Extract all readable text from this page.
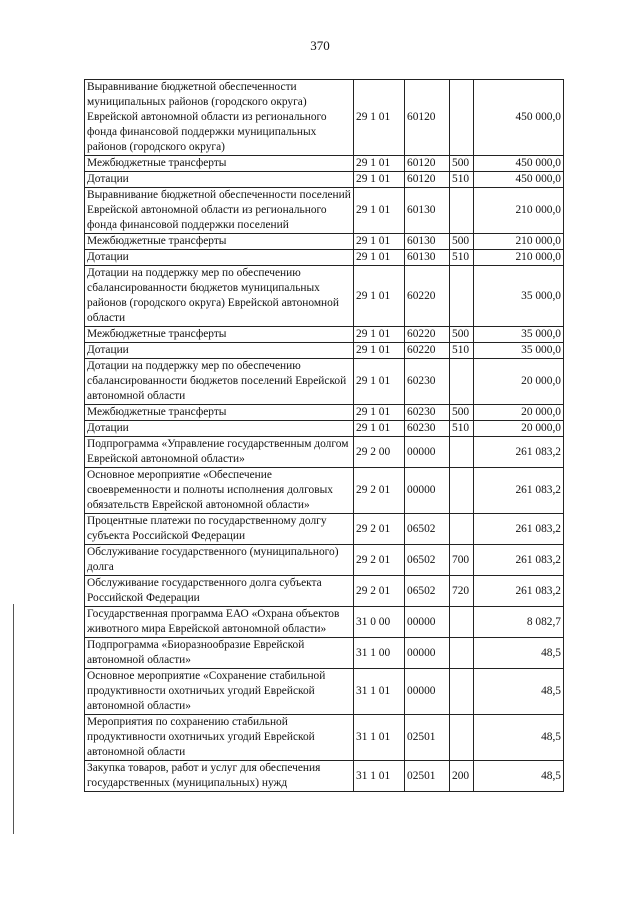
370
Выравнивание бюджетной обеспеченности муниципальных районов (городского округа) Еврейской автономной области из регионального фонда финансовой поддержки муниципальных районов (городского округа)	29 1 01	60120		450 000,0
Межбюджетные трансферты	29 1 01	60120	500	450 000,0
Дотации	29 1 01	60120	510	450 000,0
Выравнивание бюджетной обеспеченности поселений Еврейской автономной области из регионального фонда финансовой поддержки поселений	29 1 01	60130		210 000,0
Межбюджетные трансферты	29 1 01	60130	500	210 000,0
Дотации	29 1 01	60130	510	210 000,0
Дотации на поддержку мер по обеспечению сбалансированности бюджетов муниципальных районов (городского округа) Еврейской автономной области	29 1 01	60220		35 000,0
Межбюджетные трансферты	29 1 01	60220	500	35 000,0
Дотации	29 1 01	60220	510	35 000,0
Дотации на поддержку мер по обеспечению сбалансированности бюджетов поселений Еврейской автономной области	29 1 01	60230		20 000,0
Межбюджетные трансферты	29 1 01	60230	500	20 000,0
Дотации	29 1 01	60230	510	20 000,0
Подпрограмма «Управление государственным долгом Еврейской автономной области»	29 2 00	00000		261 083,2
Основное мероприятие «Обеспечение своевременности и полноты исполнения долговых обязательств Еврейской автономной области»	29 2 01	00000		261 083,2
Процентные платежи по государственному долгу субъекта Российской Федерации	29 2 01	06502		261 083,2
Обслуживание государственного (муниципального) долга	29 2 01	06502	700	261 083,2
Обслуживание государственного долга субъекта Российской Федерации	29 2 01	06502	720	261 083,2
Государственная программа ЕАО «Охрана объектов животного мира Еврейской автономной области»	31 0 00	00000		8 082,7
Подпрограмма «Биоразнообразие Еврейской автономной области»	31 1 00	00000		48,5
Основное мероприятие «Сохранение стабильной продуктивности охотничьих угодий Еврейской автономной области»	31 1 01	00000		48,5
Мероприятия по сохранению стабильной продуктивности охотничьих угодий Еврейской автономной области	31 1 01	02501		48,5
Закупка товаров, работ и услуг для обеспечения государственных (муниципальных) нужд	31 1 01	02501	200	48,5
